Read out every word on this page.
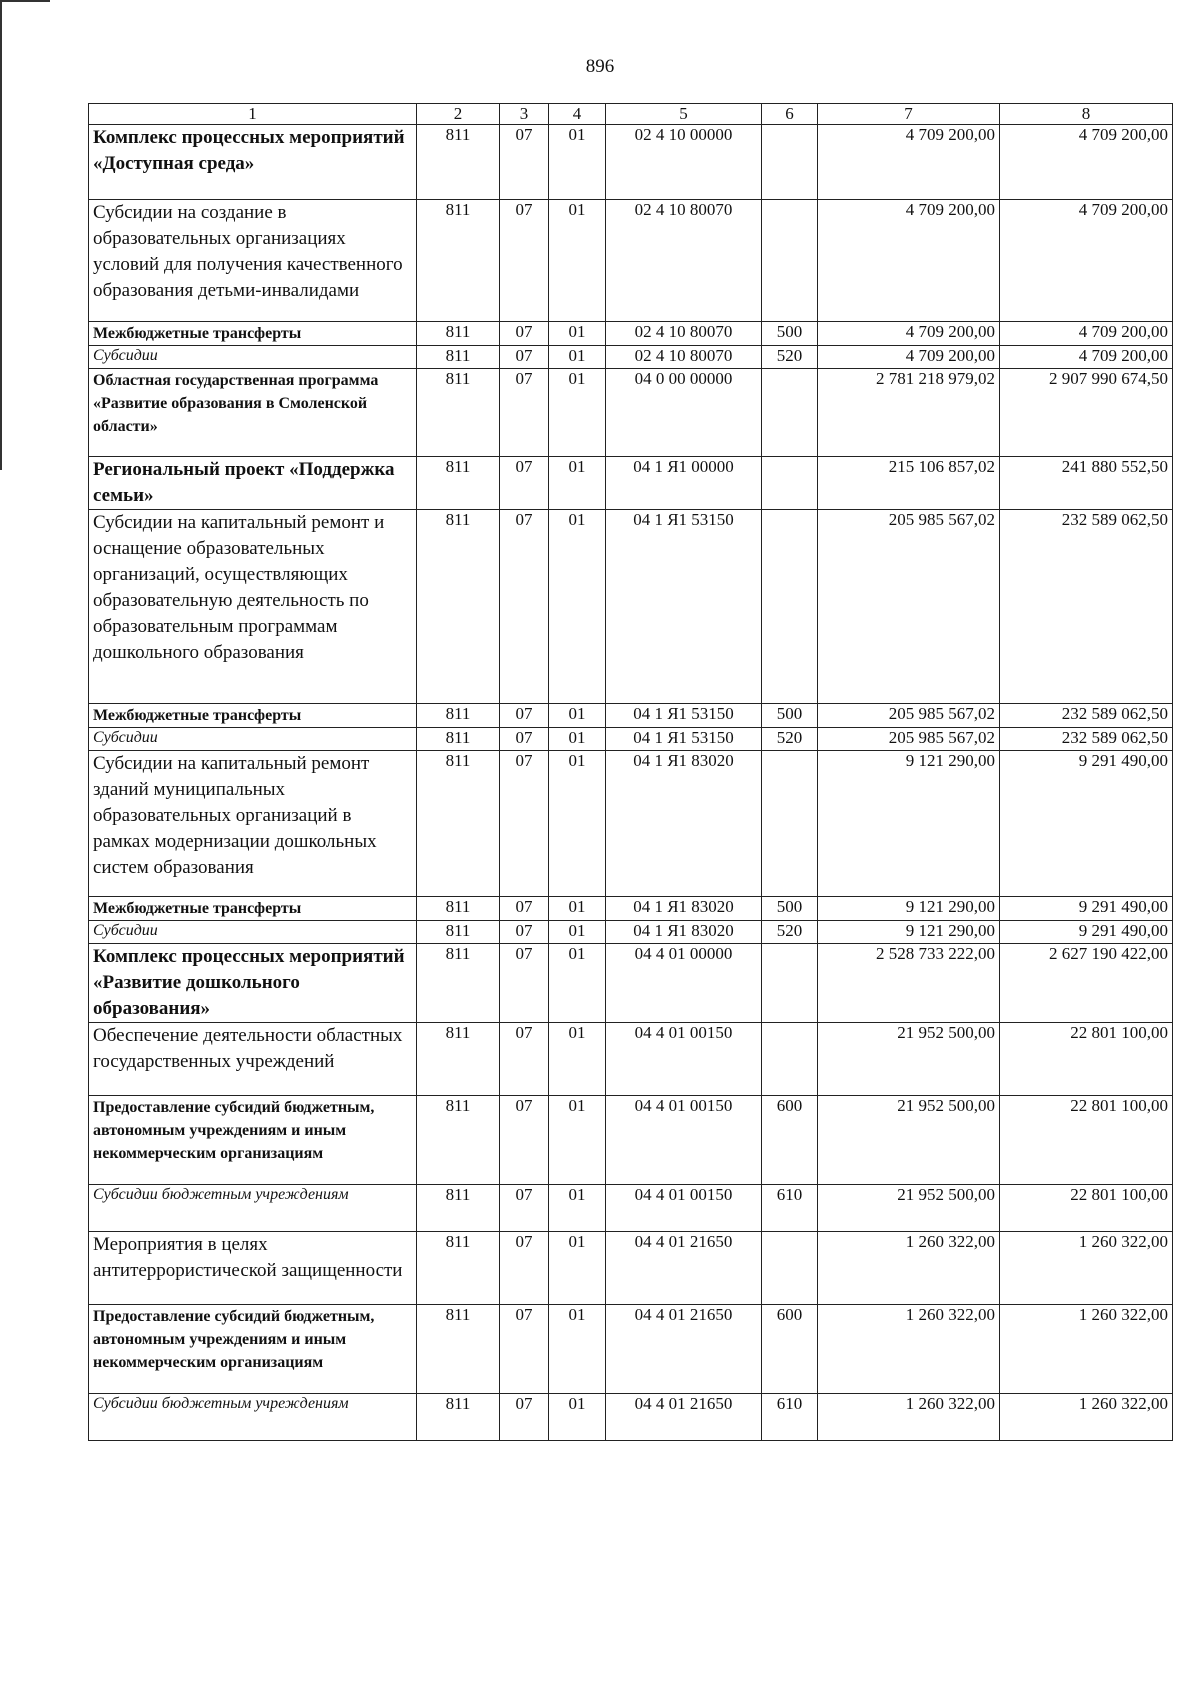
896
1	2	3	4	5	6	7	8
Комплекс процессных мероприятий «Доступная среда»	811	07	01	02 4 10 00000		4 709 200,00	4 709 200,00
Субсидии на создание в образовательных организациях условий для получения качественного образования детьми-инвалидами	811	07	01	02 4 10 80070		4 709 200,00	4 709 200,00
Межбюджетные трансферты	811	07	01	02 4 10 80070	500	4 709 200,00	4 709 200,00
Субсидии	811	07	01	02 4 10 80070	520	4 709 200,00	4 709 200,00
Областная государственная программа «Развитие образования в Смоленской области»	811	07	01	04 0 00 00000		2 781 218 979,02	2 907 990 674,50
Региональный проект «Поддержка семьи»	811	07	01	04 1 Я1 00000		215 106 857,02	241 880 552,50
Субсидии на капитальный ремонт и оснащение образовательных организаций, осуществляющих образовательную деятельность по образовательным программам дошкольного образования	811	07	01	04 1 Я1 53150		205 985 567,02	232 589 062,50
Межбюджетные трансферты	811	07	01	04 1 Я1 53150	500	205 985 567,02	232 589 062,50
Субсидии	811	07	01	04 1 Я1 53150	520	205 985 567,02	232 589 062,50
Субсидии на капитальный ремонт зданий муниципальных образовательных организаций в рамках модернизации дошкольных систем образования	811	07	01	04 1 Я1 83020		9 121 290,00	9 291 490,00
Межбюджетные трансферты	811	07	01	04 1 Я1 83020	500	9 121 290,00	9 291 490,00
Субсидии	811	07	01	04 1 Я1 83020	520	9 121 290,00	9 291 490,00
Комплекс процессных мероприятий «Развитие дошкольного образования»	811	07	01	04 4 01 00000		2 528 733 222,00	2 627 190 422,00
Обеспечение деятельности областных государственных учреждений	811	07	01	04 4 01 00150		21 952 500,00	22 801 100,00
Предоставление субсидий бюджетным, автономным учреждениям и иным некоммерческим организациям	811	07	01	04 4 01 00150	600	21 952 500,00	22 801 100,00
Субсидии бюджетным учреждениям	811	07	01	04 4 01 00150	610	21 952 500,00	22 801 100,00
Мероприятия в целях антитеррористической защищенности	811	07	01	04 4 01 21650		1 260 322,00	1 260 322,00
Предоставление субсидий бюджетным, автономным учреждениям и иным некоммерческим организациям	811	07	01	04 4 01 21650	600	1 260 322,00	1 260 322,00
Субсидии бюджетным учреждениям	811	07	01	04 4 01 21650	610	1 260 322,00	1 260 322,00
